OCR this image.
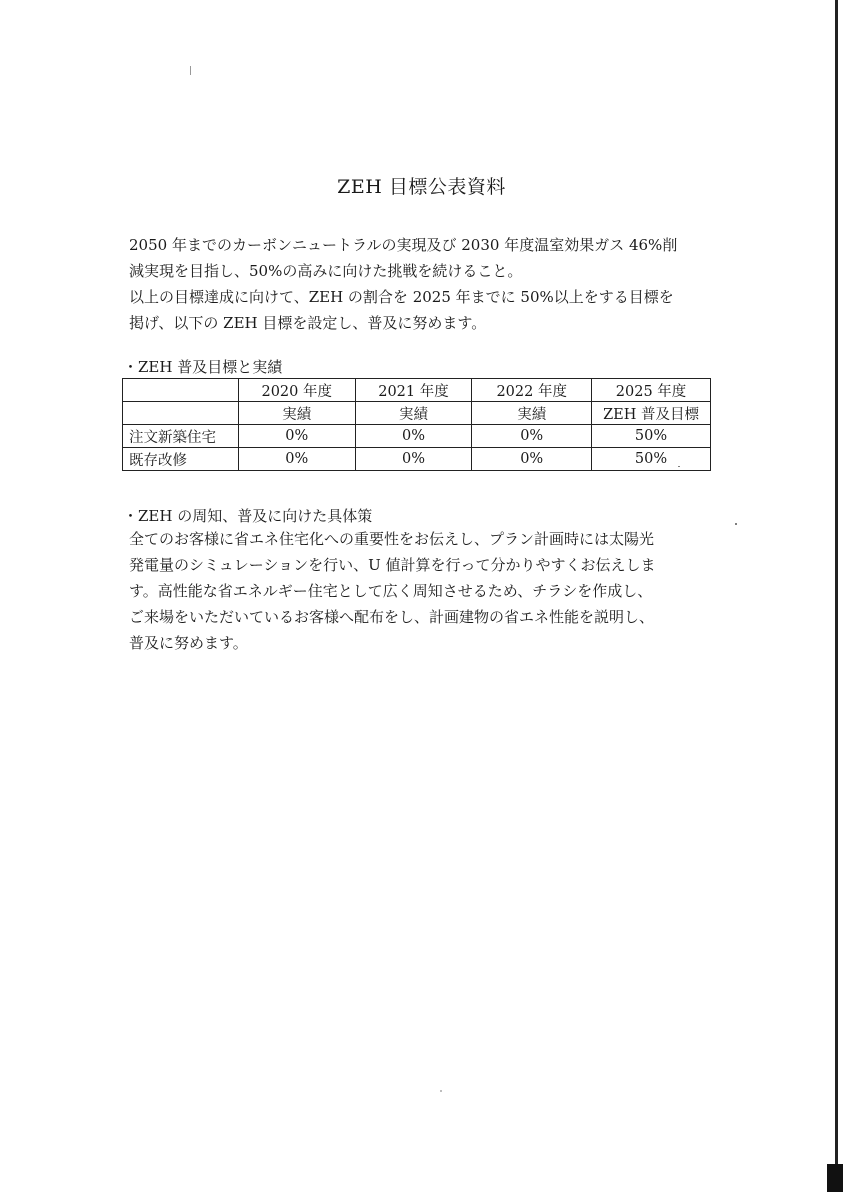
ZEH 目標公表資料

2050 年までのカーボンニュートラルの実現及び 2030 年度温室効果ガス 46%削

減実現を目指し、50%の高みに向けた挑戦を続けること。

以上の目標達成に向けて、ZEH の割合を 2025 年までに 50%以上をする目標を

掲げ、以下の ZEH 目標を設定し、普及に努めます。

・ZEH 普及目標と実績
	2020 年度	2021 年度	2022 年度	2025 年度
	実績	実績	実績	ZEH 普及目標
注文新築住宅	0%	0%	0%	50%
既存改修	0%	0%	0%	50%
・ZEH の周知、普及に向けた具体策

全てのお客様に省エネ住宅化への重要性をお伝えし、プラン計画時には太陽光

発電量のシミュレーションを行い、U 値計算を行って分かりやすくお伝えしま

す。高性能な省エネルギー住宅として広く周知させるため、チラシを作成し、

ご来場をいただいているお客様へ配布をし、計画建物の省エネ性能を説明し、

普及に努めます。
